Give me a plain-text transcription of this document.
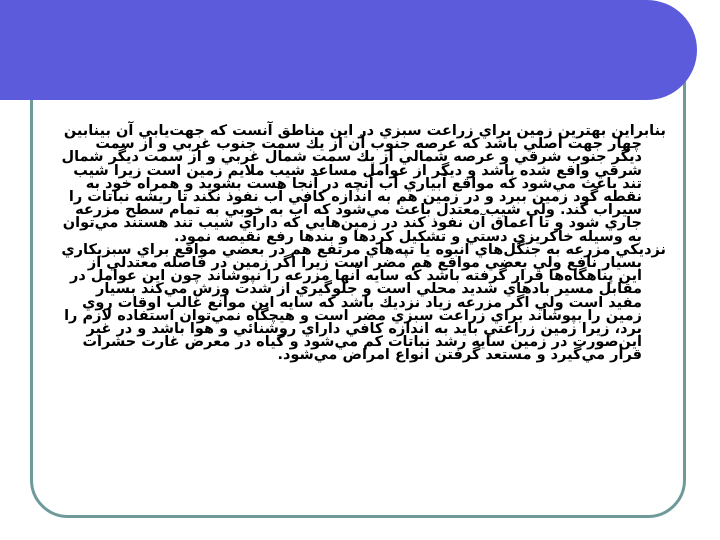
بنابراين بهترين زمين براي زراعت سبزي در اين مناطق آنست كه جهت‌يابي آن بينابين چهار جهت اصلي باشد كه عرصه جنوب آن از يك سمت جنوب غربي و از سمت ديگر جنوب شرقي و عرصه شمالي از يك سمت شمال غربي و از سمت ديگر شمال شرقي واقع شده باشد و ديگر از عوامل مساعد شيب ملايم زمين است زيرا شيب تند باعث مي‌شود كه مواقع آبياري آب آنچه در آنجا هست بشويد و همراه خود به نقطه گود زمين ببرد و در زمين هم به اندازه كافي آب نفوذ نكند تا ريشه نباتات را سيراب كند. ولي شيب معتدل باعث مي‌شود كه آب به خوبي به تمام سطح مزرعه جاري شود و تا اعماق آن نفوذ كند در زمين‌هايي كه داراي شيب تند هستند مي‌توان به وسيله خاكريزي دستي و تشكيل كردها و بندها رفع نقيصه نمود.

نزديكي مزرعه به جنگل‌هاي انبوه يا تپه‌هاي مرتفع هم در بعضي مواقع براي سبزيكاري بسيار نافع ولي بعضي مواقع هم مضر است زيرا اگر زمين در فاصله معتدلي از اين پناهگاه‌ها قرار گرفته باشد كه سايه آنها مزرعه را نپوشاند چون اين عوامل در مقابل مسير بادهاي شديد محلي است و جلوگيري از شدت وزش مي‌كند بسيار مفيد است ولي اگر مزرعه زياد نزديك باشد كه سايه اين موانع غالب اوقات روي زمين را بپوشاند براي زراعت سبزي مضر است و هيچگاه نمي‌توان استفاده لازم را برد، زيرا زمين زراعتي بايد به اندازه كافي داراي روشنائي و هوا باشد و در غير اين‌صورت در زمين سايه رشد نباتات كم مي‌شود و گياه در معرض غارت حشرات قرار مي‌گيرد و مستعد گرفتن انواع امراض مي‌شود.
